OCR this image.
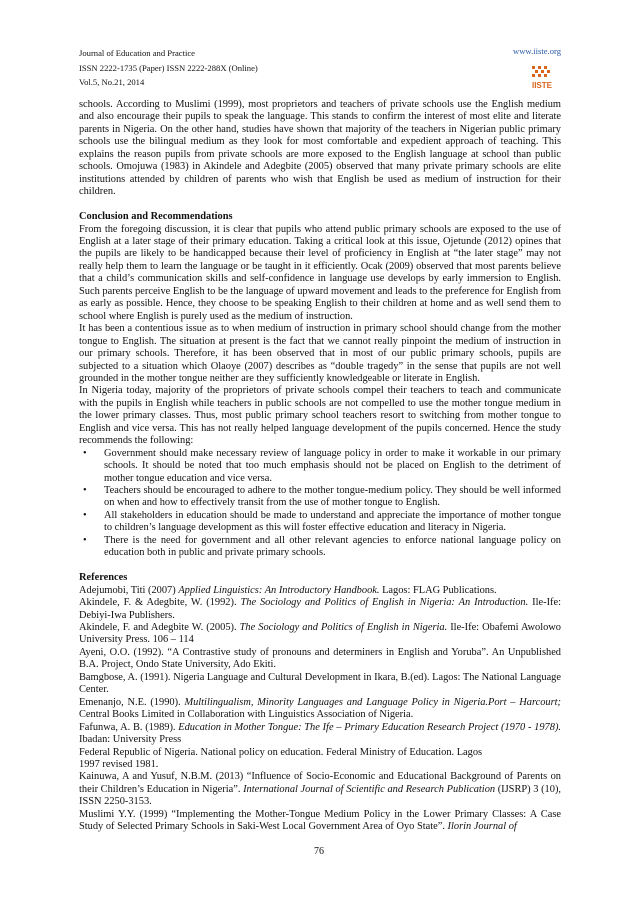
Journal of Education and Practice
ISSN 2222-1735 (Paper) ISSN 2222-288X (Online)
Vol.5, No.21, 2014
www.iiste.org
IISTE

schools. According to Muslimi (1999), most proprietors and teachers of private schools use the English medium and also encourage their pupils to speak the language. This stands to confirm the interest of most elite and literate parents in Nigeria. On the other hand, studies have shown that majority of the teachers in Nigerian public primary schools use the bilingual medium as they look for most comfortable and expedient approach of teaching. This explains the reason pupils from private schools are more exposed to the English language at school than public schools. Omojuwa (1983) in Akindele and Adegbite (2005) observed that many private primary schools are elite institutions attended by children of parents who wish that English be used as medium of instruction for their children.

Conclusion and Recommendations

From the foregoing discussion, it is clear that pupils who attend public primary schools are exposed to the use of English at a later stage of their primary education. Taking a critical look at this issue, Ojetunde (2012) opines that the pupils are likely to be handicapped because their level of proficiency in English at “the later stage” may not really help them to learn the language or be taught in it efficiently. Ocak (2009) observed that most parents believe that a child’s communication skills and self-confidence in language use develops by early immersion to English. Such parents perceive English to be the language of upward movement and leads to the preference for English from as early as possible. Hence, they choose to be speaking English to their children at home and as well send them to school where English is purely used as the medium of instruction.

It has been a contentious issue as to when medium of instruction in primary school should change from the mother tongue to English. The situation at present is the fact that we cannot really pinpoint the medium of instruction in our primary schools. Therefore, it has been observed that in most of our public primary schools, pupils are subjected to a situation which Olaoye (2007) describes as “double tragedy” in the sense that pupils are not well grounded in the mother tongue neither are they sufficiently knowledgeable or literate in English.

In Nigeria today, majority of the proprietors of private schools compel their teachers to teach and communicate with the pupils in English while teachers in public schools are not compelled to use the mother tongue medium in the lower primary classes. Thus, most public primary school teachers resort to switching from mother tongue to English and vice versa. This has not really helped language development of the pupils concerned. Hence the study recommends the following:

• Government should make necessary review of language policy in order to make it workable in our primary schools. It should be noted that too much emphasis should not be placed on English to the detriment of mother tongue education and vice versa.
• Teachers should be encouraged to adhere to the mother tongue-medium policy. They should be well informed on when and how to effectively transit from the use of mother tongue to English.
• All stakeholders in education should be made to understand and appreciate the importance of mother tongue to children’s language development as this will foster effective education and literacy in Nigeria.
• There is the need for government and all other relevant agencies to enforce national language policy on education both in public and private primary schools.
References

Adejumobi, Titi (2007) Applied Linguistics: An Introductory Handbook. Lagos: FLAG Publications.

Akindele, F. & Adegbite, W. (1992). The Sociology and Politics of English in Nigeria: An Introduction. Ile-Ife: Debiyi-Iwa Publishers.

Akindele, F. and Adegbite W. (2005). The Sociology and Politics of English in Nigeria. Ile-Ife: Obafemi Awolowo University Press. 106 – 114

Ayeni, O.O. (1992). “A Contrastive study of pronouns and determiners in English and Yoruba”. An Unpublished B.A. Project, Ondo State University, Ado Ekiti.

Bamgbose, A. (1991). Nigeria Language and Cultural Development in Ikara, B.(ed). Lagos: The National Language Center.

Emenanjo, N.E. (1990). Multilingualism, Minority Languages and Language Policy in Nigeria.Port – Harcourt; Central Books Limited in Collaboration with Linguistics Association of Nigeria.

Fafunwa, A. B. (1989). Education in Mother Tongue: The Ife – Primary Education Research Project (1970 - 1978). Ibadan: University Press

Federal Republic of Nigeria. National policy on education. Federal Ministry of Education. Lagos

1997 revised 1981.

Kainuwa, A and Yusuf, N.B.M. (2013) “Influence of Socio-Economic and Educational Background of Parents on their Children’s Education in Nigeria”. International Journal of Scientific and Research Publication (IJSRP) 3 (10), ISSN 2250-3153.

Muslimi Y.Y. (1999) “Implementing the Mother-Tongue Medium Policy in the Lower Primary Classes: A Case Study of Selected Primary Schools in Saki-West Local Government Area of Oyo State”. Ilorin Journal of

76
